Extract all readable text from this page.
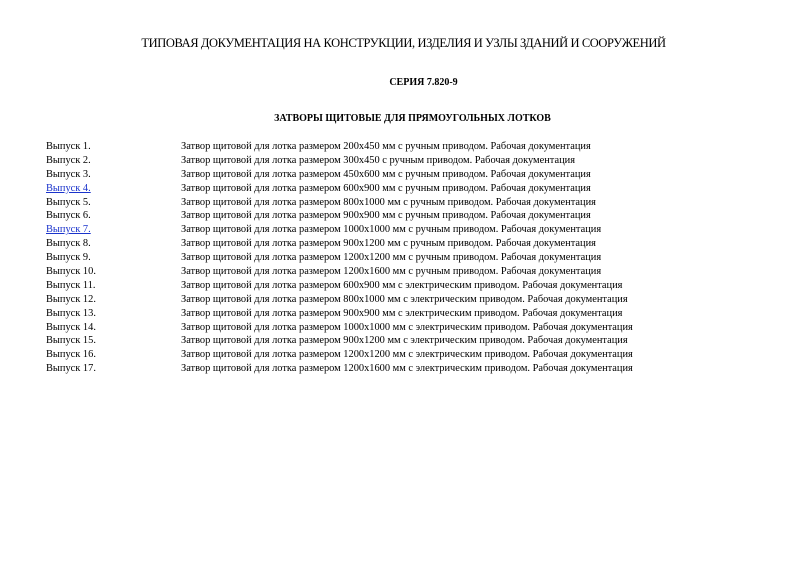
ТИПОВАЯ ДОКУМЕНТАЦИЯ НА КОНСТРУКЦИИ, ИЗДЕЛИЯ И УЗЛЫ ЗДАНИЙ И СООРУЖЕНИЙ
СЕРИЯ 7.820-9
ЗАТВОРЫ ЩИТОВЫЕ ДЛЯ ПРЯМОУГОЛЬНЫХ ЛОТКОВ
Выпуск 1.	Затвор щитовой для лотка размером 200x450 мм с ручным приводом. Рабочая документация
Выпуск 2.	Затвор щитовой для лотка размером 300x450 с ручным приводом. Рабочая документация
Выпуск 3.	Затвор щитовой для лотка размером 450x600 мм с ручным приводом. Рабочая документация
Выпуск 4.	Затвор щитовой для лотка размером 600x900 мм с ручным приводом. Рабочая документация
Выпуск 5.	Затвор щитовой для лотка размером 800x1000 мм с ручным приводом. Рабочая документация
Выпуск 6.	Затвор щитовой для лотка размером 900x900 мм с ручным приводом. Рабочая документация
Выпуск 7.	Затвор щитовой для лотка размером 1000x1000 мм с ручным приводом. Рабочая документация
Выпуск 8.	Затвор щитовой для лотка размером 900x1200 мм с ручным приводом. Рабочая документация
Выпуск 9.	Затвор щитовой для лотка размером 1200x1200 мм с ручным приводом. Рабочая документация
Выпуск 10.	Затвор щитовой для лотка размером 1200x1600 мм с ручным приводом. Рабочая документация
Выпуск 11.	Затвор щитовой для лотка размером 600x900 мм с электрическим приводом. Рабочая документация
Выпуск 12.	Затвор щитовой для лотка размером 800x1000 мм с электрическим приводом. Рабочая документация
Выпуск 13.	Затвор щитовой для лотка размером 900x900 мм с электрическим приводом. Рабочая документация
Выпуск 14.	Затвор щитовой для лотка размером 1000x1000 мм с электрическим приводом. Рабочая документация
Выпуск 15.	Затвор щитовой для лотка размером 900x1200 мм с электрическим приводом. Рабочая документация
Выпуск 16.	Затвор щитовой для лотка размером 1200x1200 мм с электрическим приводом. Рабочая документация
Выпуск 17.	Затвор щитовой для лотка размером 1200x1600 мм с электрическим приводом. Рабочая документация
